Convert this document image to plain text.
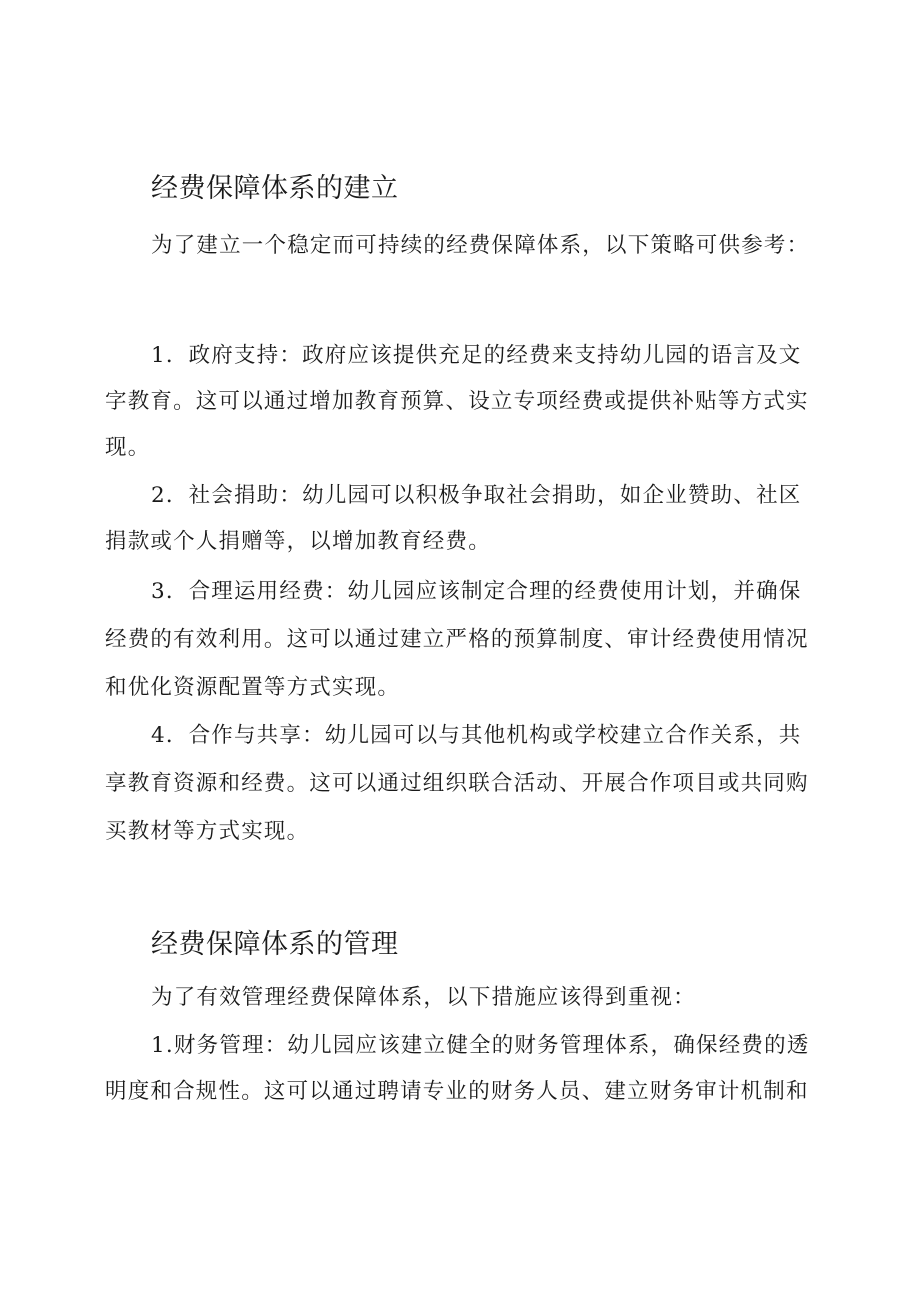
经费保障体系的建立

为了建立一个稳定而可持续的经费保障体系，以下策略可供参考：

1．政府支持：政府应该提供充足的经费来支持幼儿园的语言及文

字教育。这可以通过增加教育预算、设立专项经费或提供补贴等方式实

现。

2．社会捐助：幼儿园可以积极争取社会捐助，如企业赞助、社区

捐款或个人捐赠等，以增加教育经费。

3．合理运用经费：幼儿园应该制定合理的经费使用计划，并确保

经费的有效利用。这可以通过建立严格的预算制度、审计经费使用情况

和优化资源配置等方式实现。

4．合作与共享：幼儿园可以与其他机构或学校建立合作关系，共

享教育资源和经费。这可以通过组织联合活动、开展合作项目或共同购

买教材等方式实现。

经费保障体系的管理

为了有效管理经费保障体系，以下措施应该得到重视：

1.财务管理：幼儿园应该建立健全的财务管理体系，确保经费的透

明度和合规性。这可以通过聘请专业的财务人员、建立财务审计机制和
